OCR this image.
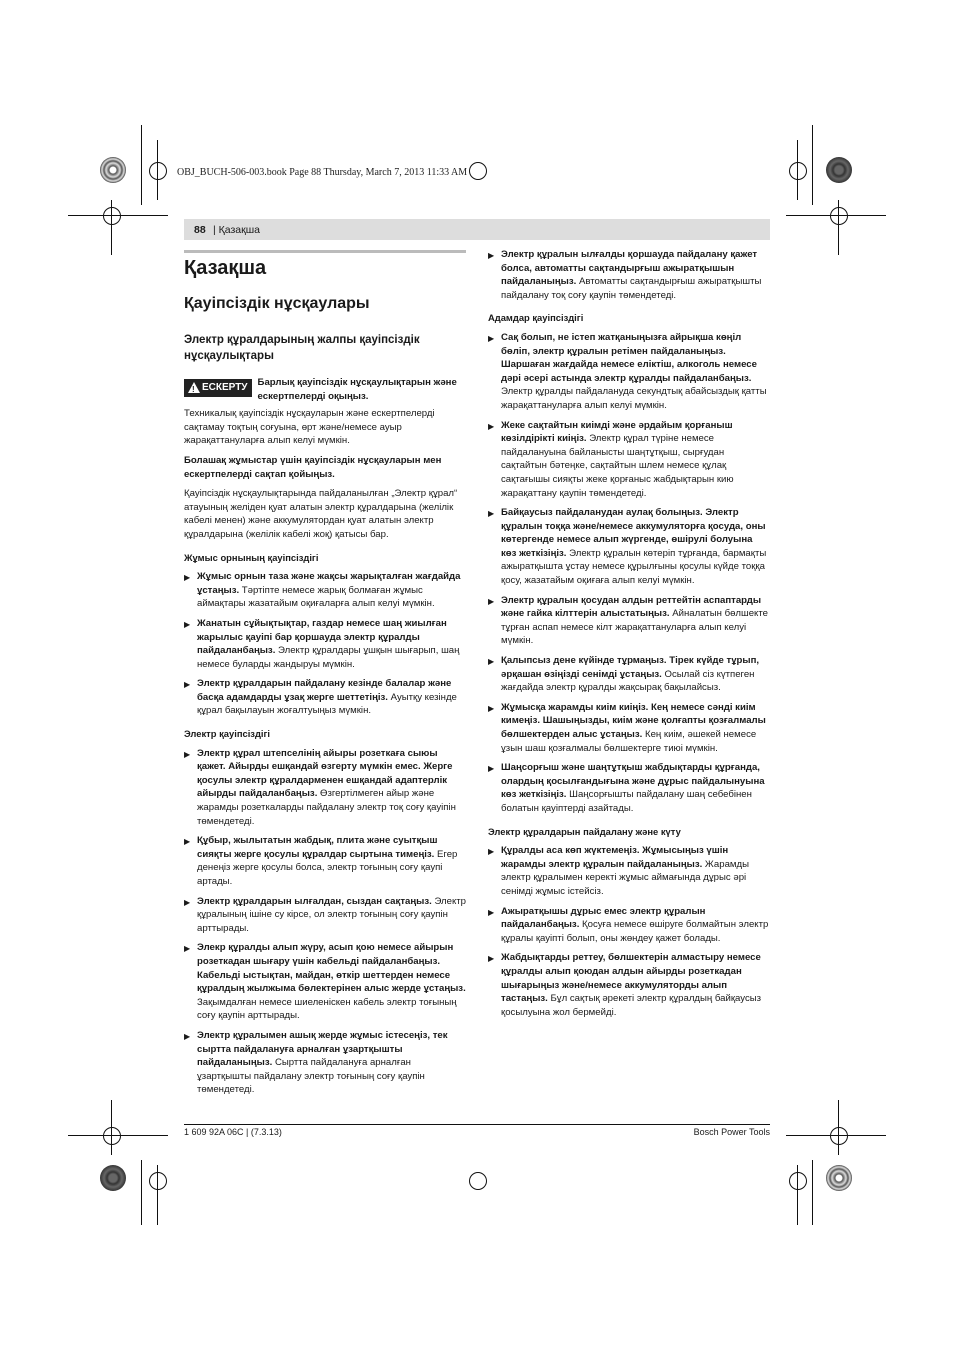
OBJ_BUCH-506-003.book Page 88 Thursday, March 7, 2013 11:33 AM
88 | Қазақша
Қазақша
Қауіпсіздік нұсқаулары
Электр құралдарының жалпы қауіпсіздік нұсқаулықтары
!
ЕСКЕРТУ Барлық қауіпсіздік нұсқаулықтарын және ескертпелерді оқыңыз.

Техникалық қауіпсіздік нұсқауларын және ескертпелерді сақтамау тоқтың соғуына, өрт және/немесе ауыр жарақаттануларға алып келуі мүмкін.

Болашақ жұмыстар үшін қауіпсіздік нұсқауларын мен ескертпелерді сақтап қойыңыз.

Қауіпсіздік нұсқаулықтарында пайдаланылған „Электр құрал“ атауының желіден қуат алатын электр құралдарына (желілік кабелі менен) және аккумулятордан қуат алатын электр құралдарына (желілік кабелі жоқ) қатысы бар.

Жұмыс орнының қауіпсіздігі
▶ Жұмыс орнын таза және жақсы жарықталған жағдайда ұстаңыз. Тәртіпте немесе жарық болмаған жұмыс аймақтары жазатайым оқиғаларға алып келуі мүмкін.
▶ Жанатын сұйықтықтар, газдар немесе шаң жиылған жарылыс қауіпі бар қоршауда электр құралды пайдаланбаңыз. Электр құралдары ұшқын шығарып, шаң немесе буларды жандыруы мүмкін.
▶ Электр құралдарын пайдалану кезінде балалар және басқа адамдарды ұзақ жерге шеттетіңіз. Ауытқу кезінде құрал бақылауын жоғалтуыңыз мүмкін.
Электр қауіпсіздігі
▶ Электр құрал штепселінің айыры розеткаға сыюы қажет. Айырды ешқандай өзгерту мүмкін емес. Жерге қосулы электр құралдарменен ешқандай адаптерлік айырды пайдаланбаңыз. Өзгертілмеген айыр және жарамды розеткаларды пайдалану электр тоқ соғу қауіпін төмендетеді.
▶ Құбыр, жылытатын жабдық, плита және суытқыш сияқты жерге қосулы құралдар сыртына тимеңіз. Егер денеңіз жерге қосулы болса, электр тоғының соғу қаупі артады.
▶ Электр құралдарын ылғалдан, сыздан сақтаңыз. Электр құралының ішіне су кірсе, ол электр тоғының соғу қаупін арттырады.
▶ Элекр құралды алып жүру, асып қою немесе айырын розеткадан шығару үшін кабельді пайдаланбаңыз. Кабельді ыстықтан, майдан, өткір шеттерден немесе құралдың жылжыма бөлектерінен алыс жерде ұстаңыз. Зақымдалған немесе шиеленіскен кабель электр тоғының соғу қаупін арттырады.
▶ Электр құралымен ашық жерде жұмыс істесеңіз, тек сыртта пайдалануға арналған ұзартқышты пайдаланыңыз. Сыртта пайдалануға арналған ұзартқышты пайдалану электр тоғының соғу қаупін төмендетеді.
▶ Электр құралын ылғалды қоршауда пайдалану қажет болса, автоматты сақтандырғыш ажыратқышын пайдаланыңыз. Автоматты сақтандырғыш ажыратқышты пайдалану тоқ соғу қаупін төмендетеді.
Адамдар қауіпсіздігі
▶ Сақ болып, не істеп жатқаныңызға айрықша көңіл бөліп, электр құралын ретімен пайдаланыңыз. Шаршаған жағдайда немесе еліктіш, алкоголь немесе дәрі әсері астында электр құралды пайдаланбаңыз. Электр құралды пайдалануда секундтық абайсыздық қатты жарақаттануларға алып келуі мүмкін.
▶ Жеке сақтайтын киімді және әрдайым қорғаныш көзілдірікті киіңіз. Электр құрал түріне немесе пайдалануына байланысты шаңтұтқыш, сырғудан сақтайтын бәтеңке, сақтайтын шлем немесе құлақ сақтағышы сияқты жеке қорғаныс жабдықтарын кию жарақаттану қаупін төмендетеді.
▶ Байқаусыз пайдаланудан аулақ болыңыз. Электр құралын тоққа және/немесе аккумуляторға қосуда, оны көтергенде немесе алып жүргенде, өшірулі болуына көз жеткізіңіз. Электр құралын көтеріп тұрғанда, бармақты ажыратқышта ұстау немесе құрылғыны қосулы күйде тоққа қосу, жазатайым оқиғаға алып келуі мүмкін.
▶ Электр құралын қосудан алдын реттейтін аспаптарды және гайка кілттерін алыстатыңыз. Айналатын бөлшекте тұрған аспап немесе кілт жарақаттануларға алып келуі мүмкін.
▶ Қалыпсыз дене күйінде тұрмаңыз. Тірек күйде тұрып, әрқашан өзіңізді сенімді ұстаңыз. Осылай сіз күтпеген жағдайда электр құралды жақсырақ бақылайсыз.
▶ Жұмысқа жарамды киім киіңіз. Кең немесе сәнді киім кимеңіз. Шашыңызды, киім және қолғапты қозғалмалы бөлшектерден алыс ұстаңыз. Кең киім, әшекей немесе ұзын шаш қозғалмалы бөлшектерге тиюі мүмкін.
▶ Шаңсорғыш және шаңтұтқыш жабдықтарды құрғанда, олардың қосылғандығына және дұрыс пайдалынуына көз жеткізіңіз. Шаңсорғышты пайдалану шаң себебінен болатын қауіптерді азайтады.
Электр құралдарын пайдалану және күту
▶ Құралды аса көп жүктемеңіз. Жұмысыңыз үшін жарамды электр құралын пайдаланыңыз. Жарамды электр құралымен керекті жұмыс аймағында дұрыс әрі сенімді жұмыс істейсіз.
▶ Ажыратқышы дұрыс емес электр құралын пайдаланбаңыз. Қосуға немесе өшіруге болмайтын электр құралы қауіпті болып, оны жөндеу қажет болады.
▶ Жабдықтарды реттеу, бөлшектерін алмастыру немесе құралды алып қоюдан алдын айырды розеткадан шығарыңыз және/немесе аккумуляторды алып тастаңыз. Бұл сақтық әрекеті электр құралдың байқаусыз қосылуына жол бермейді.
1 609 92A 06C | (7.3.13)	Bosch Power Tools
